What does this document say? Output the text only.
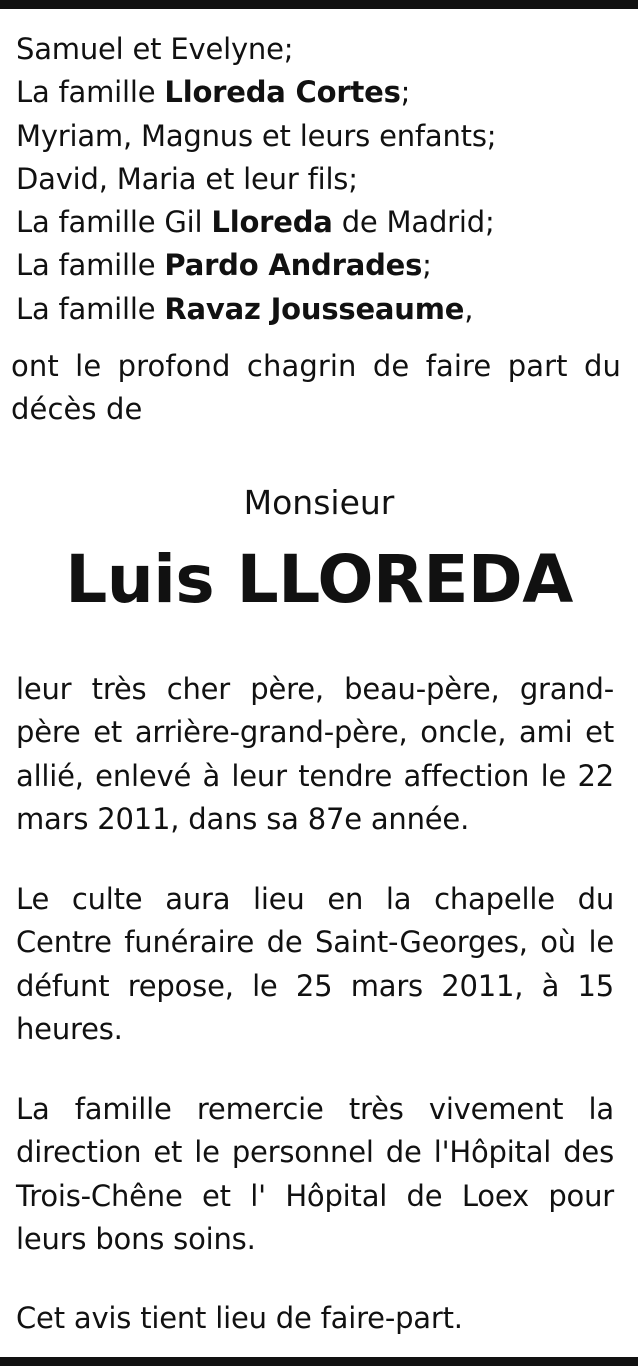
Samuel et Evelyne;
La famille Lloreda Cortes;
Myriam, Magnus et leurs enfants;
David, Maria et leur fils;
La famille Gil Lloreda de Madrid;
La famille Pardo Andrades;
La famille Ravaz Jousseaume,
ont le profond chagrin de faire part du décès de
Monsieur
Luis LLOREDA
leur très cher père, beau-père, grand-père et arrière-grand-père, oncle, ami et allié, enlevé à leur tendre affection le 22 mars 2011, dans sa 87e année.
Le culte aura lieu en la chapelle du Centre funéraire de Saint-Georges, où le défunt repose, le 25 mars 2011, à 15 heures.
La famille remercie très vivement la direction et le personnel de l'Hôpital des Trois-Chêne et l' Hôpital de Loex pour leurs bons soins.
Cet avis tient lieu de faire-part.
